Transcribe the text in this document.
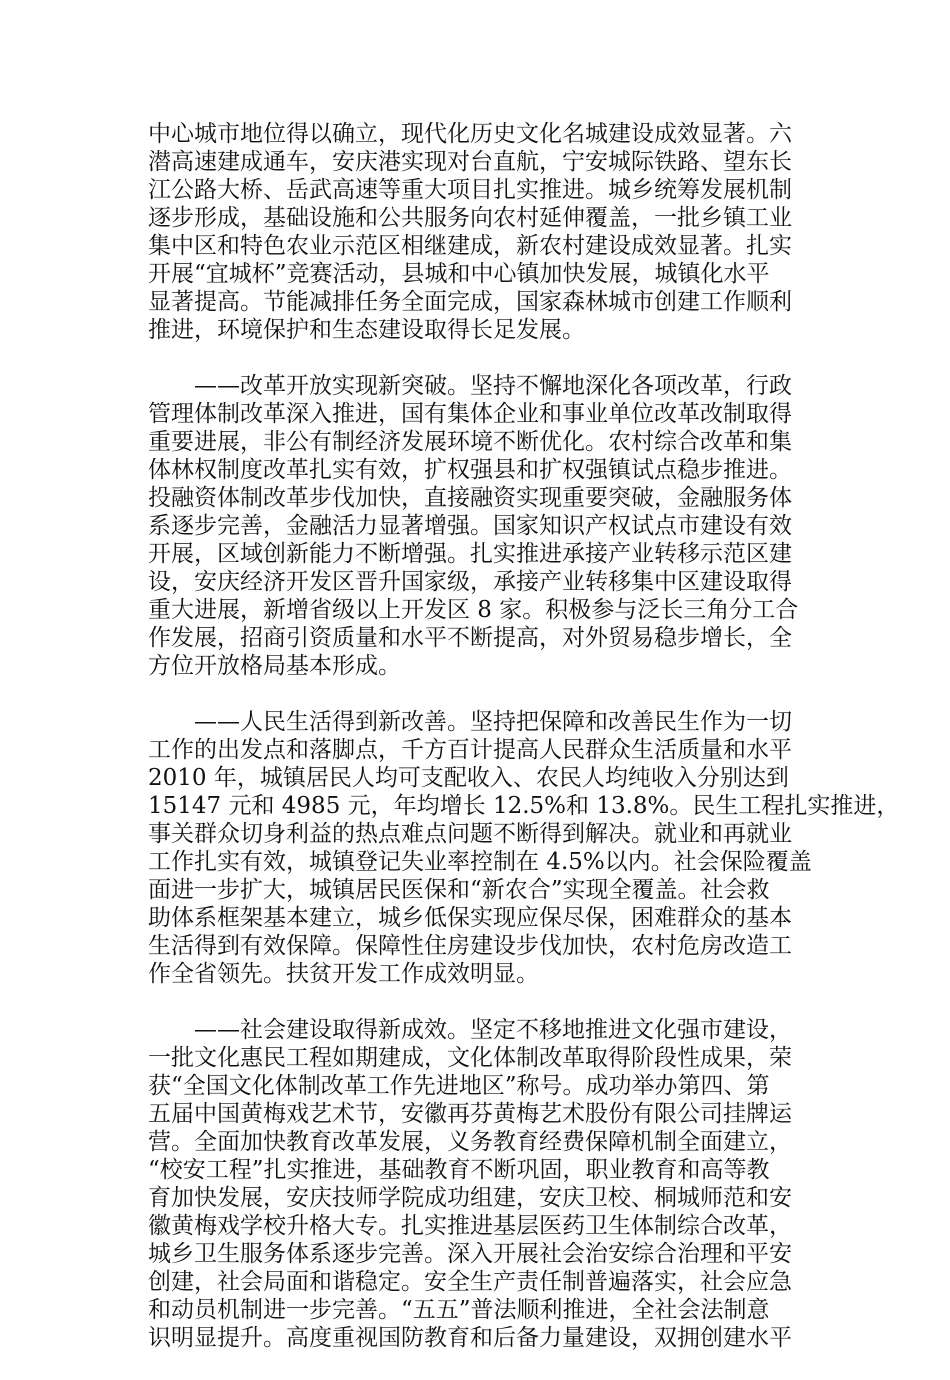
中心城市地位得以确立，现代化历史文化名城建设成效显著。六
潜高速建成通车，安庆港实现对台直航，宁安城际铁路、望东长
江公路大桥、岳武高速等重大项目扎实推进。城乡统筹发展机制
逐步形成，基础设施和公共服务向农村延伸覆盖，一批乡镇工业
集中区和特色农业示范区相继建成，新农村建设成效显著。扎实
开展“宜城杯”竞赛活动，县城和中心镇加快发展，城镇化水平
显著提高。节能减排任务全面完成，国家森林城市创建工作顺利
推进，环境保护和生态建设取得长足发展。
——改革开放实现新突破。坚持不懈地深化各项改革，行政
管理体制改革深入推进，国有集体企业和事业单位改革改制取得
重要进展，非公有制经济发展环境不断优化。农村综合改革和集
体林权制度改革扎实有效，扩权强县和扩权强镇试点稳步推进。
投融资体制改革步伐加快，直接融资实现重要突破，金融服务体
系逐步完善，金融活力显著增强。国家知识产权试点市建设有效
开展，区域创新能力不断增强。扎实推进承接产业转移示范区建
设，安庆经济开发区晋升国家级，承接产业转移集中区建设取得
重大进展，新增省级以上开发区 8 家。积极参与泛长三角分工合
作发展，招商引资质量和水平不断提高，对外贸易稳步增长，全
方位开放格局基本形成。
——人民生活得到新改善。坚持把保障和改善民生作为一切
工作的出发点和落脚点，千方百计提高人民群众生活质量和水平
2010 年，城镇居民人均可支配收入、农民人均纯收入分别达到
15147 元和 4985 元，年均增长 12.5%和 13.8%。民生工程扎实推进，
事关群众切身利益的热点难点问题不断得到解决。就业和再就业
工作扎实有效，城镇登记失业率控制在 4.5%以内。社会保险覆盖
面进一步扩大，城镇居民医保和“新农合”实现全覆盖。社会救
助体系框架基本建立，城乡低保实现应保尽保，困难群众的基本
生活得到有效保障。保障性住房建设步伐加快，农村危房改造工
作全省领先。扶贫开发工作成效明显。
——社会建设取得新成效。坚定不移地推进文化强市建设，
一批文化惠民工程如期建成，文化体制改革取得阶段性成果，荣
获“全国文化体制改革工作先进地区”称号。成功举办第四、第
五届中国黄梅戏艺术节，安徽再芬黄梅艺术股份有限公司挂牌运
营。全面加快教育改革发展，义务教育经费保障机制全面建立，
“校安工程”扎实推进，基础教育不断巩固，职业教育和高等教
育加快发展，安庆技师学院成功组建，安庆卫校、桐城师范和安
徽黄梅戏学校升格大专。扎实推进基层医药卫生体制综合改革，
城乡卫生服务体系逐步完善。深入开展社会治安综合治理和平安
创建，社会局面和谐稳定。安全生产责任制普遍落实，社会应急
和动员机制进一步完善。“五五”普法顺利推进，全社会法制意
识明显提升。高度重视国防教育和后备力量建设，双拥创建水平
